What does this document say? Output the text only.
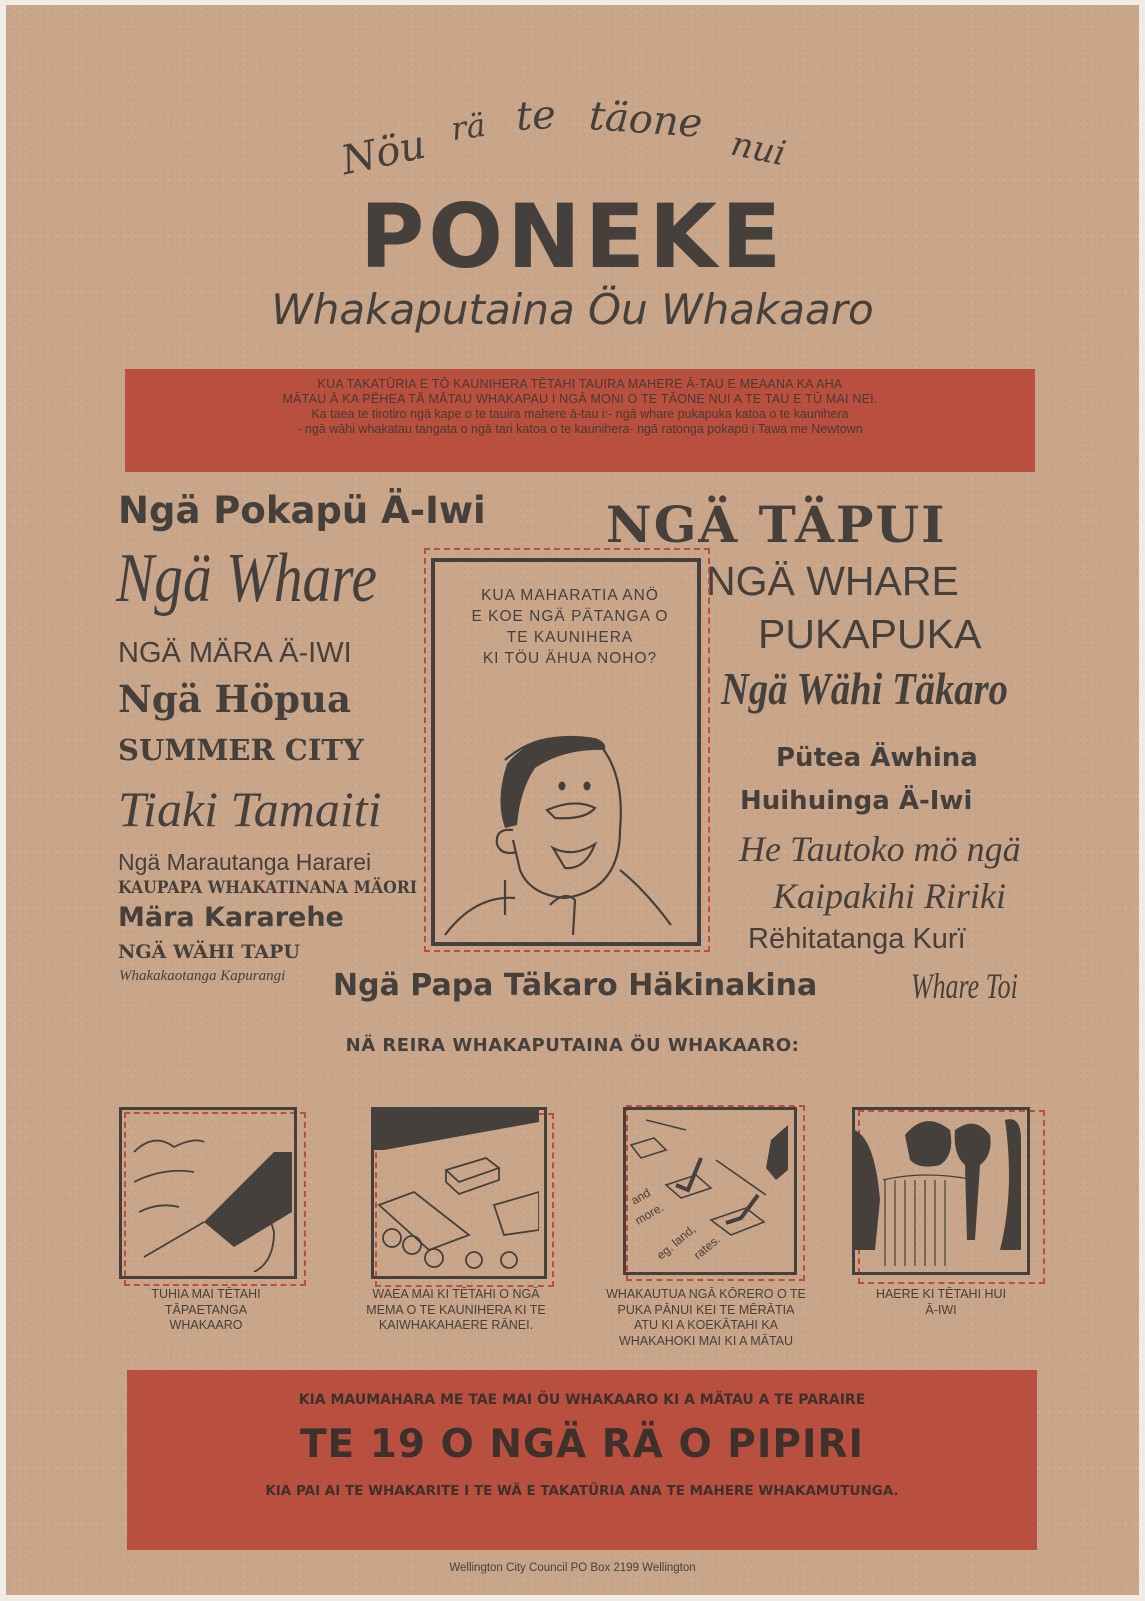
Nöu rä te täone
nui
PONEKE
Whakaputaina Öu Whakaaro
KUA TAKATŪRIA E TŌ KAUNIHERA TĒTAHI TAUIRA MAHERE Ā-TAU E MEAANA KA AHA
MĀTAU Ā KA PĒHEA TĀ MĀTAU WHAKAPAU I NGĀ MONI O TE TĀONE NUI A TE TAU E TŪ MAI NEI.
Ka taea te tirotiro ngā kape o te tauira mahere ā-tau i:- ngā whare pukapuka katoa o te kaunihera
- ngā wāhi whakatau tangata o ngā tari katoa o te kaunihera- ngā ratonga pokapū i Tawa me Newtown
Ngä Pokapü Ä-Iwi
Ngä Whare
NGÄ MÄRA Ä-IWI
Ngä Höpua
SUMMER CITY
Tiaki Tamaiti
Ngä Marautanga Hararei
KAUPAPA WHAKATINANA MÄORI
Mära Kararehe
NGÄ WÄHI TAPU
Whakakaotanga Kapurangi
NGÄ TÄPUI
NGÄ WHARE
PUKAPUKA
Ngä Wähi Täkaro
Pütea Äwhina
Huihuinga Ä-Iwi
He Tautoko mö ngä
Kaipakihi Ririki
Rëhitatanga Kurï
Whare Toi
Ngä Papa Täkaro Häkinakina
KUA MAHARATIA ANÖ
E KOE NGÄ PÄTANGA O
TE KAUNIHERA
KI TÖU ÄHUA NOHO?
NÄ REIRA WHAKAPUTAINA ÖU WHAKAARO:
TUHIA MAI TĒTAHI
TĀPAETANGA
WHAKAARO
WAEA MAI KI TĒTAHI O NGĀ
MEMA O TE KAUNIHERA KI TE
KAIWHAKAHAERE RĀNEI.
and
more.
eg. land,
rates.
WHAKAUTUA NGĀ KŌRERO O TE
PUKA PĀNUI KEI TE MĒRĀTIA
ATU KI A KOEKĀTAHI KA
WHAKAHOKI MAI KI A MĀTAU
HAERE KI TĒTAHI HUI
Ā-IWI
KIA MAUMAHARA ME TAE MAI ÖU WHAKAARO KI A MÄTAU A TE PARAIRE
TE 19 O NGÄ RÄ O PIPIRI
KIA PAI AI TE WHAKARITE I TE WÄ E TAKATÜRIA ANA TE MAHERE WHAKAMUTUNGA.
Wellington City Council PO Box 2199 Wellington
